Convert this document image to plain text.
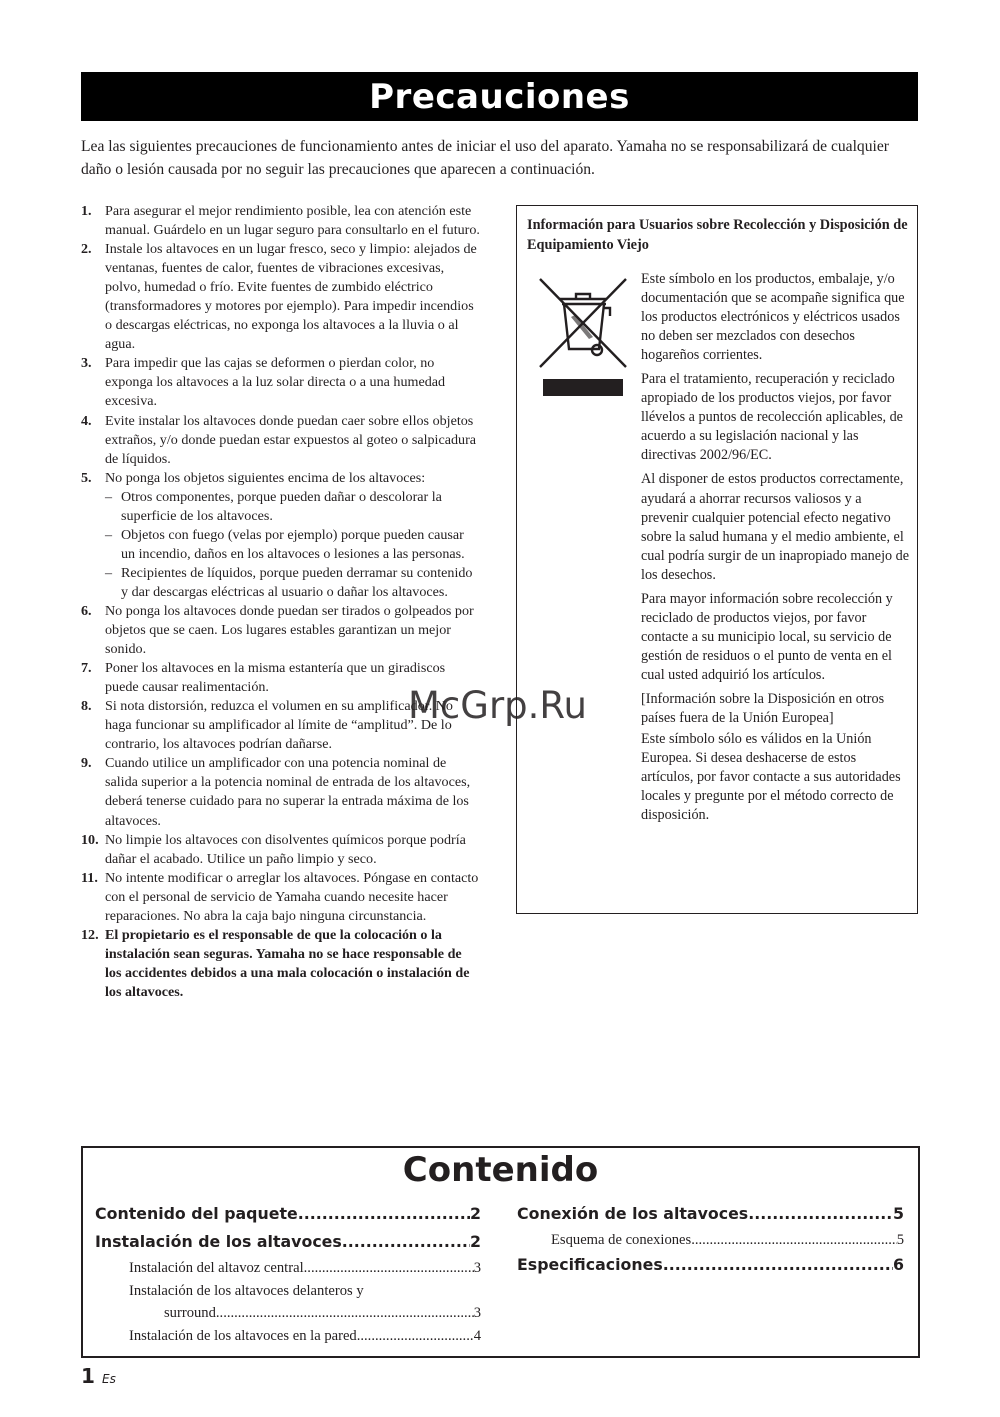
Precauciones

Lea las siguientes precauciones de funcionamiento antes de iniciar el uso del aparato. Yamaha no se responsabilizará de cualquier daño o lesión causada por no seguir las precauciones que aparecen a continuación.

1. Para asegurar el mejor rendimiento posible, lea con atención este manual. Guárdelo en un lugar seguro para consultarlo en el futuro.
2. Instale los altavoces en un lugar fresco, seco y limpio: alejados de ventanas, fuentes de calor, fuentes de vibraciones excesivas, polvo, humedad o frío. Evite fuentes de zumbido eléctrico (transformadores y motores por ejemplo). Para impedir incendios o descargas eléctricas, no exponga los altavoces a la lluvia o al agua.
3. Para impedir que las cajas se deformen o pierdan color, no exponga los altavoces a la luz solar directa o a una humedad excesiva.
4. Evite instalar los altavoces donde puedan caer sobre ellos objetos extraños, y/o donde puedan estar expuestos al goteo o salpicadura de líquidos.
5. No ponga los objetos siguientes encima de los altavoces:
– Otros componentes, porque pueden dañar o descolorar la superficie de los altavoces.
– Objetos con fuego (velas por ejemplo) porque pueden causar un incendio, daños en los altavoces o lesiones a las personas.
– Recipientes de líquidos, porque pueden derramar su contenido y dar descargas eléctricas al usuario o dañar los altavoces.
6. No ponga los altavoces donde puedan ser tirados o golpeados por objetos que se caen. Los lugares estables garantizan un mejor sonido.
7. Poner los altavoces en la misma estantería que un giradiscos puede causar realimentación.
8. Si nota distorsión, reduzca el volumen en su amplificador. No haga funcionar su amplificador al límite de “amplitud”. De lo contrario, los altavoces podrían dañarse.
9. Cuando utilice un amplificador con una potencia nominal de salida superior a la potencia nominal de entrada de los altavoces, deberá tenerse cuidado para no superar la entrada máxima de los altavoces.
10. No limpie los altavoces con disolventes químicos porque podría dañar el acabado. Utilice un paño limpio y seco.
11. No intente modificar o arreglar los altavoces. Póngase en contacto con el personal de servicio de Yamaha cuando necesite hacer reparaciones. No abra la caja bajo ninguna circunstancia.
12. El propietario es el responsable de que la colocación o la instalación sean seguras. Yamaha no se hace responsable de los accidentes debidos a una mala colocación o instalación de los altavoces.

Información para Usuarios sobre Recolección y Disposición de Equipamiento Viejo

Este símbolo en los productos, embalaje, y/o documentación que se acompañe significa que los productos electrónicos y eléctricos usados no deben ser mezclados con desechos hogareños corrientes.

Para el tratamiento, recuperación y reciclado apropiado de los productos viejos, por favor llévelos a puntos de recolección aplicables, de acuerdo a su legislación nacional y las directivas 2002/96/EC.

Al disponer de estos productos correctamente, ayudará a ahorrar recursos valiosos y a prevenir cualquier potencial efecto negativo sobre la salud humana y el medio ambiente, el cual podría surgir de un inapropiado manejo de los desechos.

Para mayor información sobre recolección y reciclado de productos viejos, por favor contacte a su municipio local, su servicio de gestión de residuos o el punto de venta en el cual usted adquirió los artículos.

[Información sobre la Disposición en otros países fuera de la Unión Europea]

Este símbolo sólo es válidos en la Unión Europea. Si desea deshacerse de estos artículos, por favor contacte a sus autoridades locales y pregunte por el método correcto de disposición.

McGrp.Ru
Contenido
Contenido del paquete .....	2
Instalación de los altavoces .....	2
Instalación del altavoz central .....	3
Instalación de los altavoces delanteros y
surround .....	3
Instalación de los altavoces en la pared .....	4
Conexión de los altavoces .....	5
Esquema de conexiones .....	5
Especificaciones .....	6
1 Es
